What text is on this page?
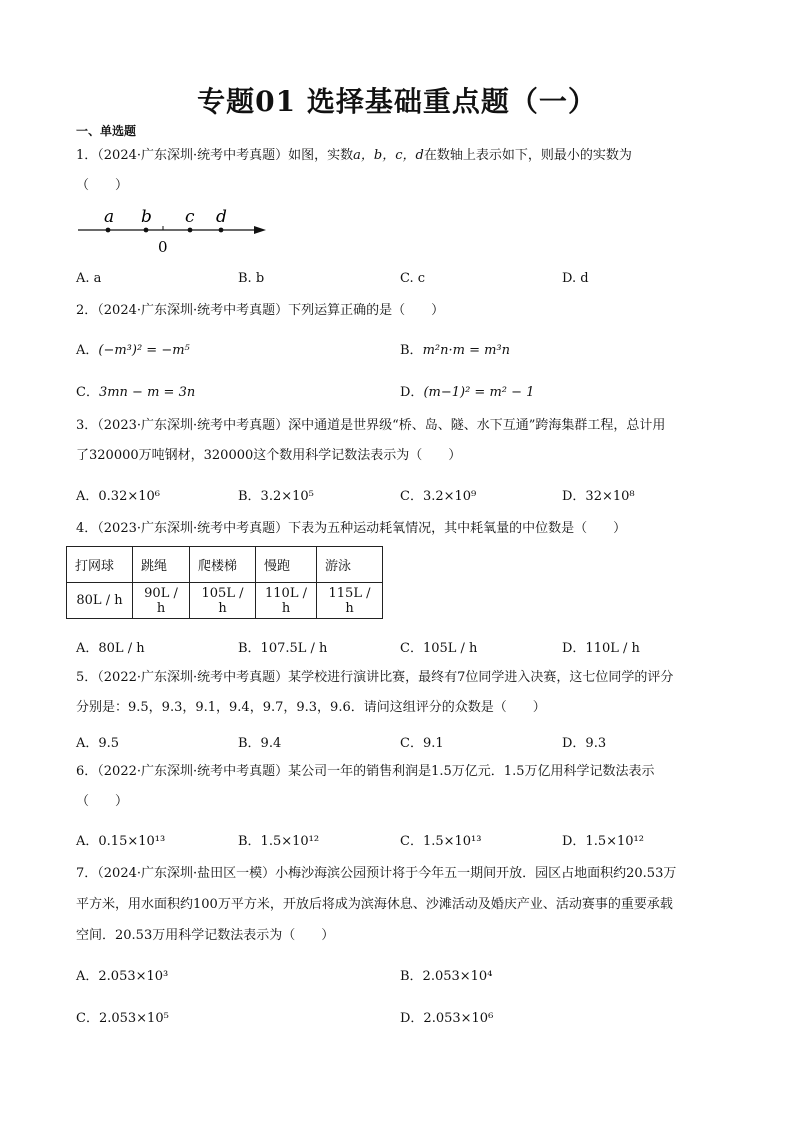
专题01 选择基础重点题（一）
一、单选题
1．（2024·广东深圳·统考中考真题）如图，实数a，b，c，d在数轴上表示如下，则最小的实数为
（　　）
a b c d
0
A. a	B. b	C. c	D. d
2．（2024·广东深圳·统考中考真题）下列运算正确的是（　　）
A．(−m³)² = −m⁵	B．m²n·m = m³n
C．3mn − m = 3n	D．(m−1)² = m² − 1
3．（2023·广东深圳·统考中考真题）深中通道是世界级“桥、岛、隧、水下互通”跨海集群工程，总计用
了320000万吨钢材，320000这个数用科学记数法表示为（　　）
A．0.32×10⁶	B．3.2×10⁵	C．3.2×10⁹	D．32×10⁸
4．（2023·广东深圳·统考中考真题）下表为五种运动耗氧情况，其中耗氧量的中位数是（　　）
打网球	跳绳	爬楼梯	慢跑	游泳
80L / h	90L / h	105L / h	110L / h	115L / h
A．80L / h	B．107.5L / h	C．105L / h	D．110L / h
5．（2022·广东深圳·统考中考真题）某学校进行演讲比赛，最终有7位同学进入决赛，这七位同学的评分
分别是：9.5，9.3，9.1，9.4，9.7，9.3，9.6．请问这组评分的众数是（　　）
A．9.5	B．9.4	C．9.1	D．9.3
6．（2022·广东深圳·统考中考真题）某公司一年的销售利润是1.5万亿元．1.5万亿用科学记数法表示
（　　）
A．0.15×10¹³	B．1.5×10¹²	C．1.5×10¹³	D．1.5×10¹²
7．（2024·广东深圳·盐田区一模）小梅沙海滨公园预计将于今年五一期间开放．园区占地面积约20.53万
平方米，用水面积约100万平方米，开放后将成为滨海休息、沙滩活动及婚庆产业、活动赛事的重要承载
空间．20.53万用科学记数法表示为（　　）
A．2.053×10³	B．2.053×10⁴
C．2.053×10⁵	D．2.053×10⁶
